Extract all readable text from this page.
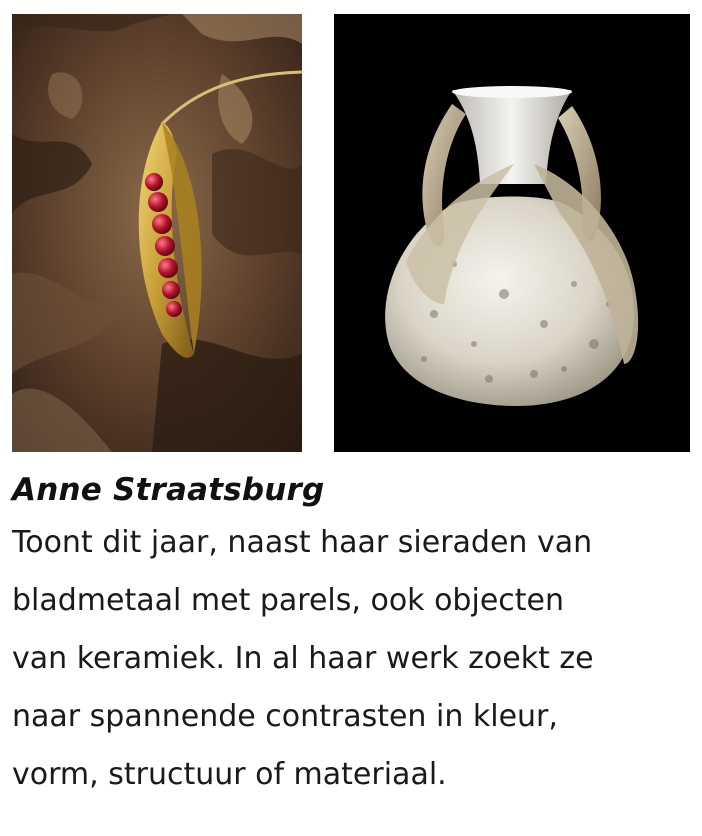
Anne Straatsburg

Toont dit jaar, naast haar sieraden van
bladmetaal met parels, ook objecten
van keramiek. In al haar werk zoekt ze
naar spannende contrasten in kleur,
vorm, structuur of materiaal.
